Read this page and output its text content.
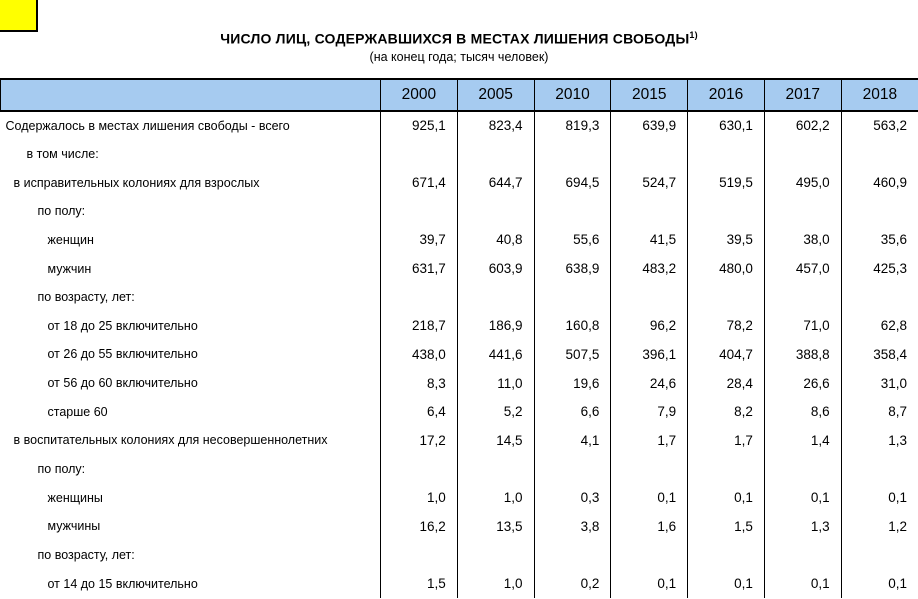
ЧИСЛО ЛИЦ, СОДЕРЖАВШИХСЯ В МЕСТАХ ЛИШЕНИЯ СВОБОДЫ$^{1)}$
(на конец года; тысяч человек)
	2000	2005	2010	2015	2016	2017	2018
Содержалось в местах лишения свободы - всего	925,1	823,4	819,3	639,9	630,1	602,2	563,2
в том числе:							
в исправительных колониях для взрослых	671,4	644,7	694,5	524,7	519,5	495,0	460,9
по полу:							
женщин	39,7	40,8	55,6	41,5	39,5	38,0	35,6
мужчин	631,7	603,9	638,9	483,2	480,0	457,0	425,3
по возрасту, лет:							
от 18 до 25 включительно	218,7	186,9	160,8	96,2	78,2	71,0	62,8
от 26 до 55 включительно	438,0	441,6	507,5	396,1	404,7	388,8	358,4
от 56 до 60 включительно	8,3	11,0	19,6	24,6	28,4	26,6	31,0
старше 60	6,4	5,2	6,6	7,9	8,2	8,6	8,7
в воспитательных колониях для несовершеннолетних	17,2	14,5	4,1	1,7	1,7	1,4	1,3
по полу:							
женщины	1,0	1,0	0,3	0,1	0,1	0,1	0,1
мужчины	16,2	13,5	3,8	1,6	1,5	1,3	1,2
по возрасту, лет:							
от 14 до 15 включительно	1,5	1,0	0,2	0,1	0,1	0,1	0,1
